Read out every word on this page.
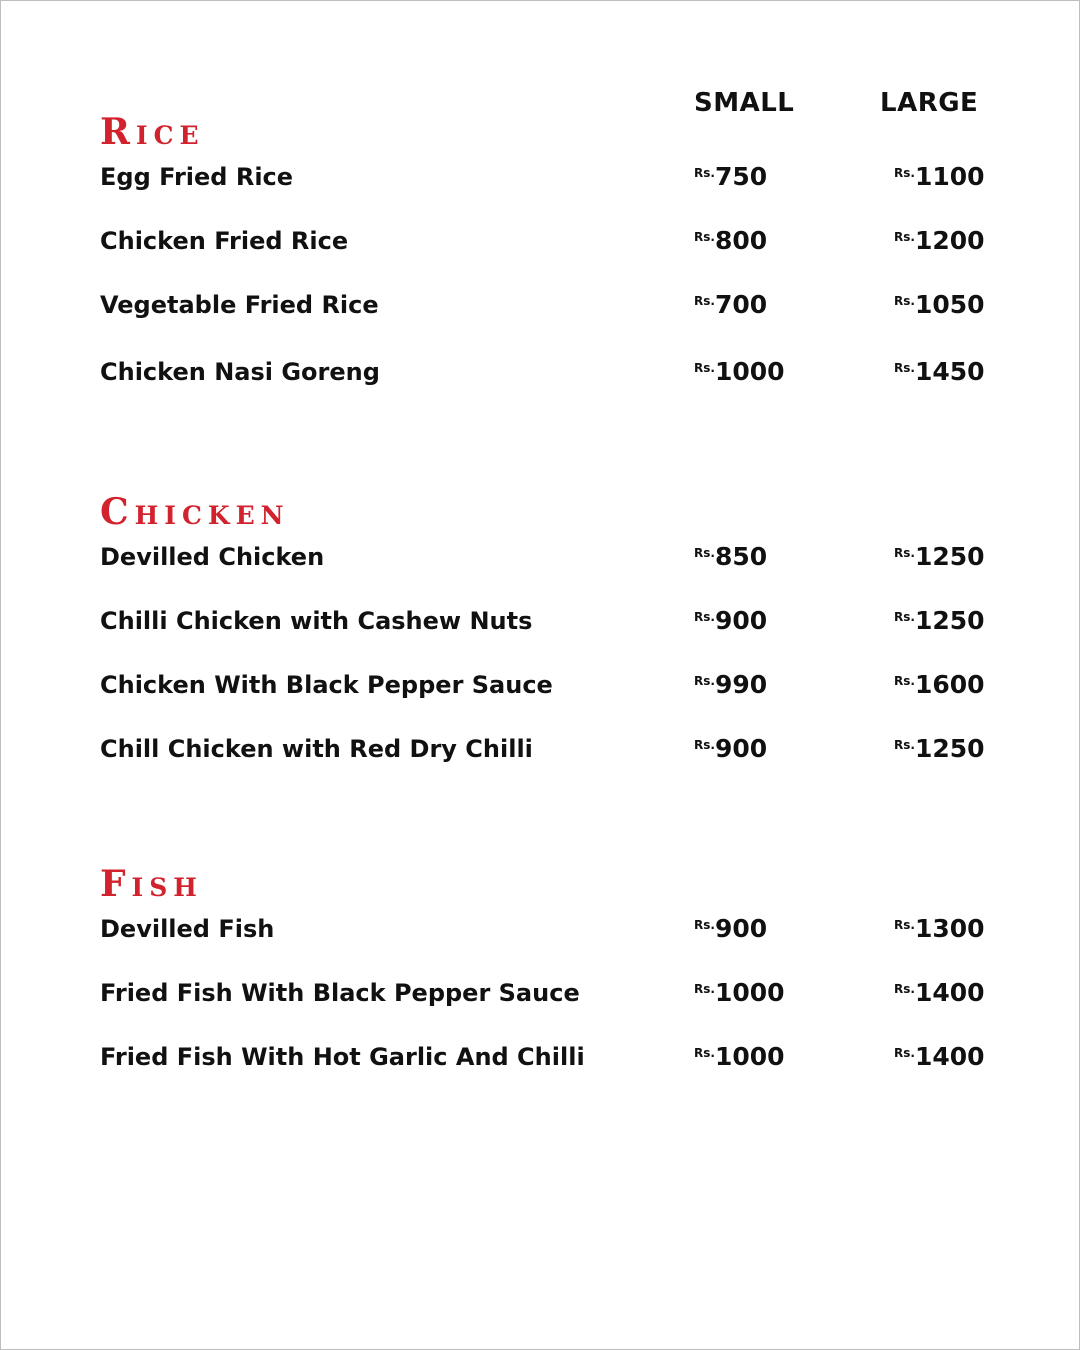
SMALL	LARGE
Rice
Egg Fried Rice	$^{Rs.}$750	$^{Rs.}$1100
Chicken Fried Rice	$^{Rs.}$800	$^{Rs.}$1200
Vegetable Fried Rice	$^{Rs.}$700	$^{Rs.}$1050
Chicken Nasi Goreng	$^{Rs.}$1000	$^{Rs.}$1450
Chicken
Devilled Chicken	$^{Rs.}$850	$^{Rs.}$1250
Chilli Chicken with Cashew Nuts	$^{Rs.}$900	$^{Rs.}$1250
Chicken With Black Pepper Sauce	$^{Rs.}$990	$^{Rs.}$1600
Chill Chicken with Red Dry Chilli	$^{Rs.}$900	$^{Rs.}$1250
Fish
Devilled Fish	$^{Rs.}$900	$^{Rs.}$1300
Fried Fish With Black Pepper Sauce	$^{Rs.}$1000	$^{Rs.}$1400
Fried Fish With Hot Garlic And Chilli	$^{Rs.}$1000	$^{Rs.}$1400
